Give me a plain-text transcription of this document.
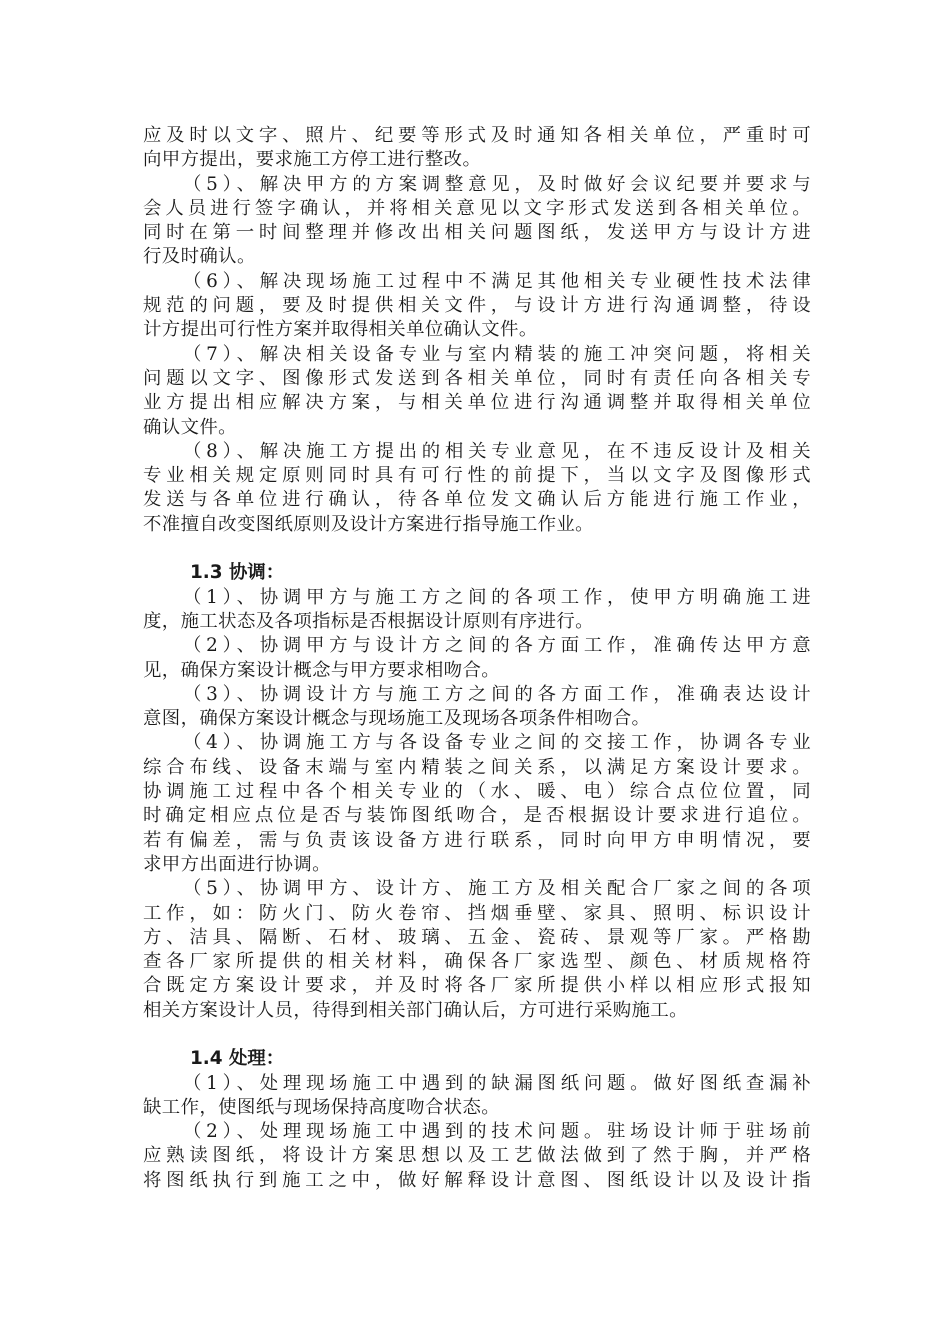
应及时以文字、照片、纪要等形式及时通知各相关单位，严重时可
向甲方提出，要求施工方停工进行整改。
（5）、解决甲方的方案调整意见，及时做好会议纪要并要求与
会人员进行签字确认，并将相关意见以文字形式发送到各相关单位。
同时在第一时间整理并修改出相关问题图纸，发送甲方与设计方进
行及时确认。
（6）、解决现场施工过程中不满足其他相关专业硬性技术法律
规范的问题，要及时提供相关文件，与设计方进行沟通调整，待设
计方提出可行性方案并取得相关单位确认文件。
（7）、解决相关设备专业与室内精装的施工冲突问题，将相关
问题以文字、图像形式发送到各相关单位，同时有责任向各相关专
业方提出相应解决方案，与相关单位进行沟通调整并取得相关单位
确认文件。
（8）、解决施工方提出的相关专业意见，在不违反设计及相关
专业相关规定原则同时具有可行性的前提下，当以文字及图像形式
发送与各单位进行确认，待各单位发文确认后方能进行施工作业，
不准擅自改变图纸原则及设计方案进行指导施工作业。
1.3 协调：
（1）、协调甲方与施工方之间的各项工作，使甲方明确施工进
度，施工状态及各项指标是否根据设计原则有序进行。
（2）、协调甲方与设计方之间的各方面工作，准确传达甲方意
见，确保方案设计概念与甲方要求相吻合。
（3）、协调设计方与施工方之间的各方面工作，准确表达设计
意图，确保方案设计概念与现场施工及现场各项条件相吻合。
（4）、协调施工方与各设备专业之间的交接工作，协调各专业
综合布线、设备末端与室内精装之间关系，以满足方案设计要求。
协调施工过程中各个相关专业的（水、暖、电）综合点位位置，同
时确定相应点位是否与装饰图纸吻合，是否根据设计要求进行追位。
若有偏差，需与负责该设备方进行联系，同时向甲方申明情况，要
求甲方出面进行协调。
（5）、协调甲方、设计方、施工方及相关配合厂家之间的各项
工作，如：防火门、防火卷帘、挡烟垂壁、家具、照明、标识设计
方、洁具、隔断、石材、玻璃、五金、瓷砖、景观等厂家。严格勘
查各厂家所提供的相关材料，确保各厂家选型、颜色、材质规格符
合既定方案设计要求，并及时将各厂家所提供小样以相应形式报知
相关方案设计人员，待得到相关部门确认后，方可进行采购施工。
1.4 处理：
（1）、处理现场施工中遇到的缺漏图纸问题。做好图纸查漏补
缺工作，使图纸与现场保持高度吻合状态。
（2）、处理现场施工中遇到的技术问题。驻场设计师于驻场前
应熟读图纸，将设计方案思想以及工艺做法做到了然于胸，并严格
将图纸执行到施工之中，做好解释设计意图、图纸设计以及设计指
